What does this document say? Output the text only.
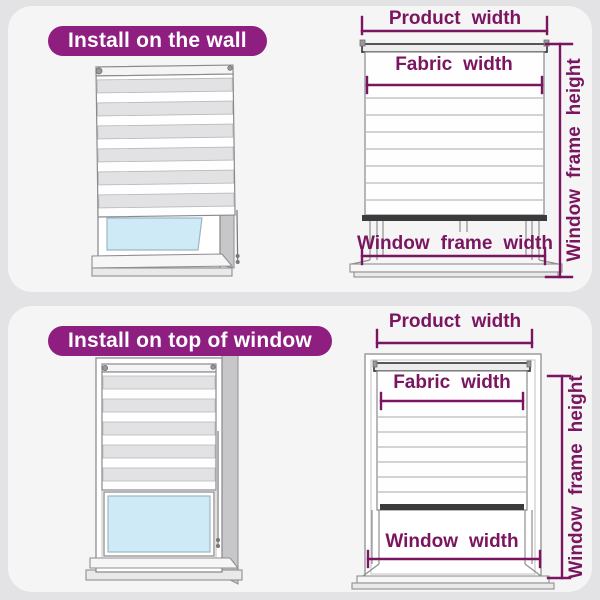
Install on the wall
Product width
Fabric width
Window frame width Window frame height
Install on top of window
Product width
Fabric width
Window width Window frame height
